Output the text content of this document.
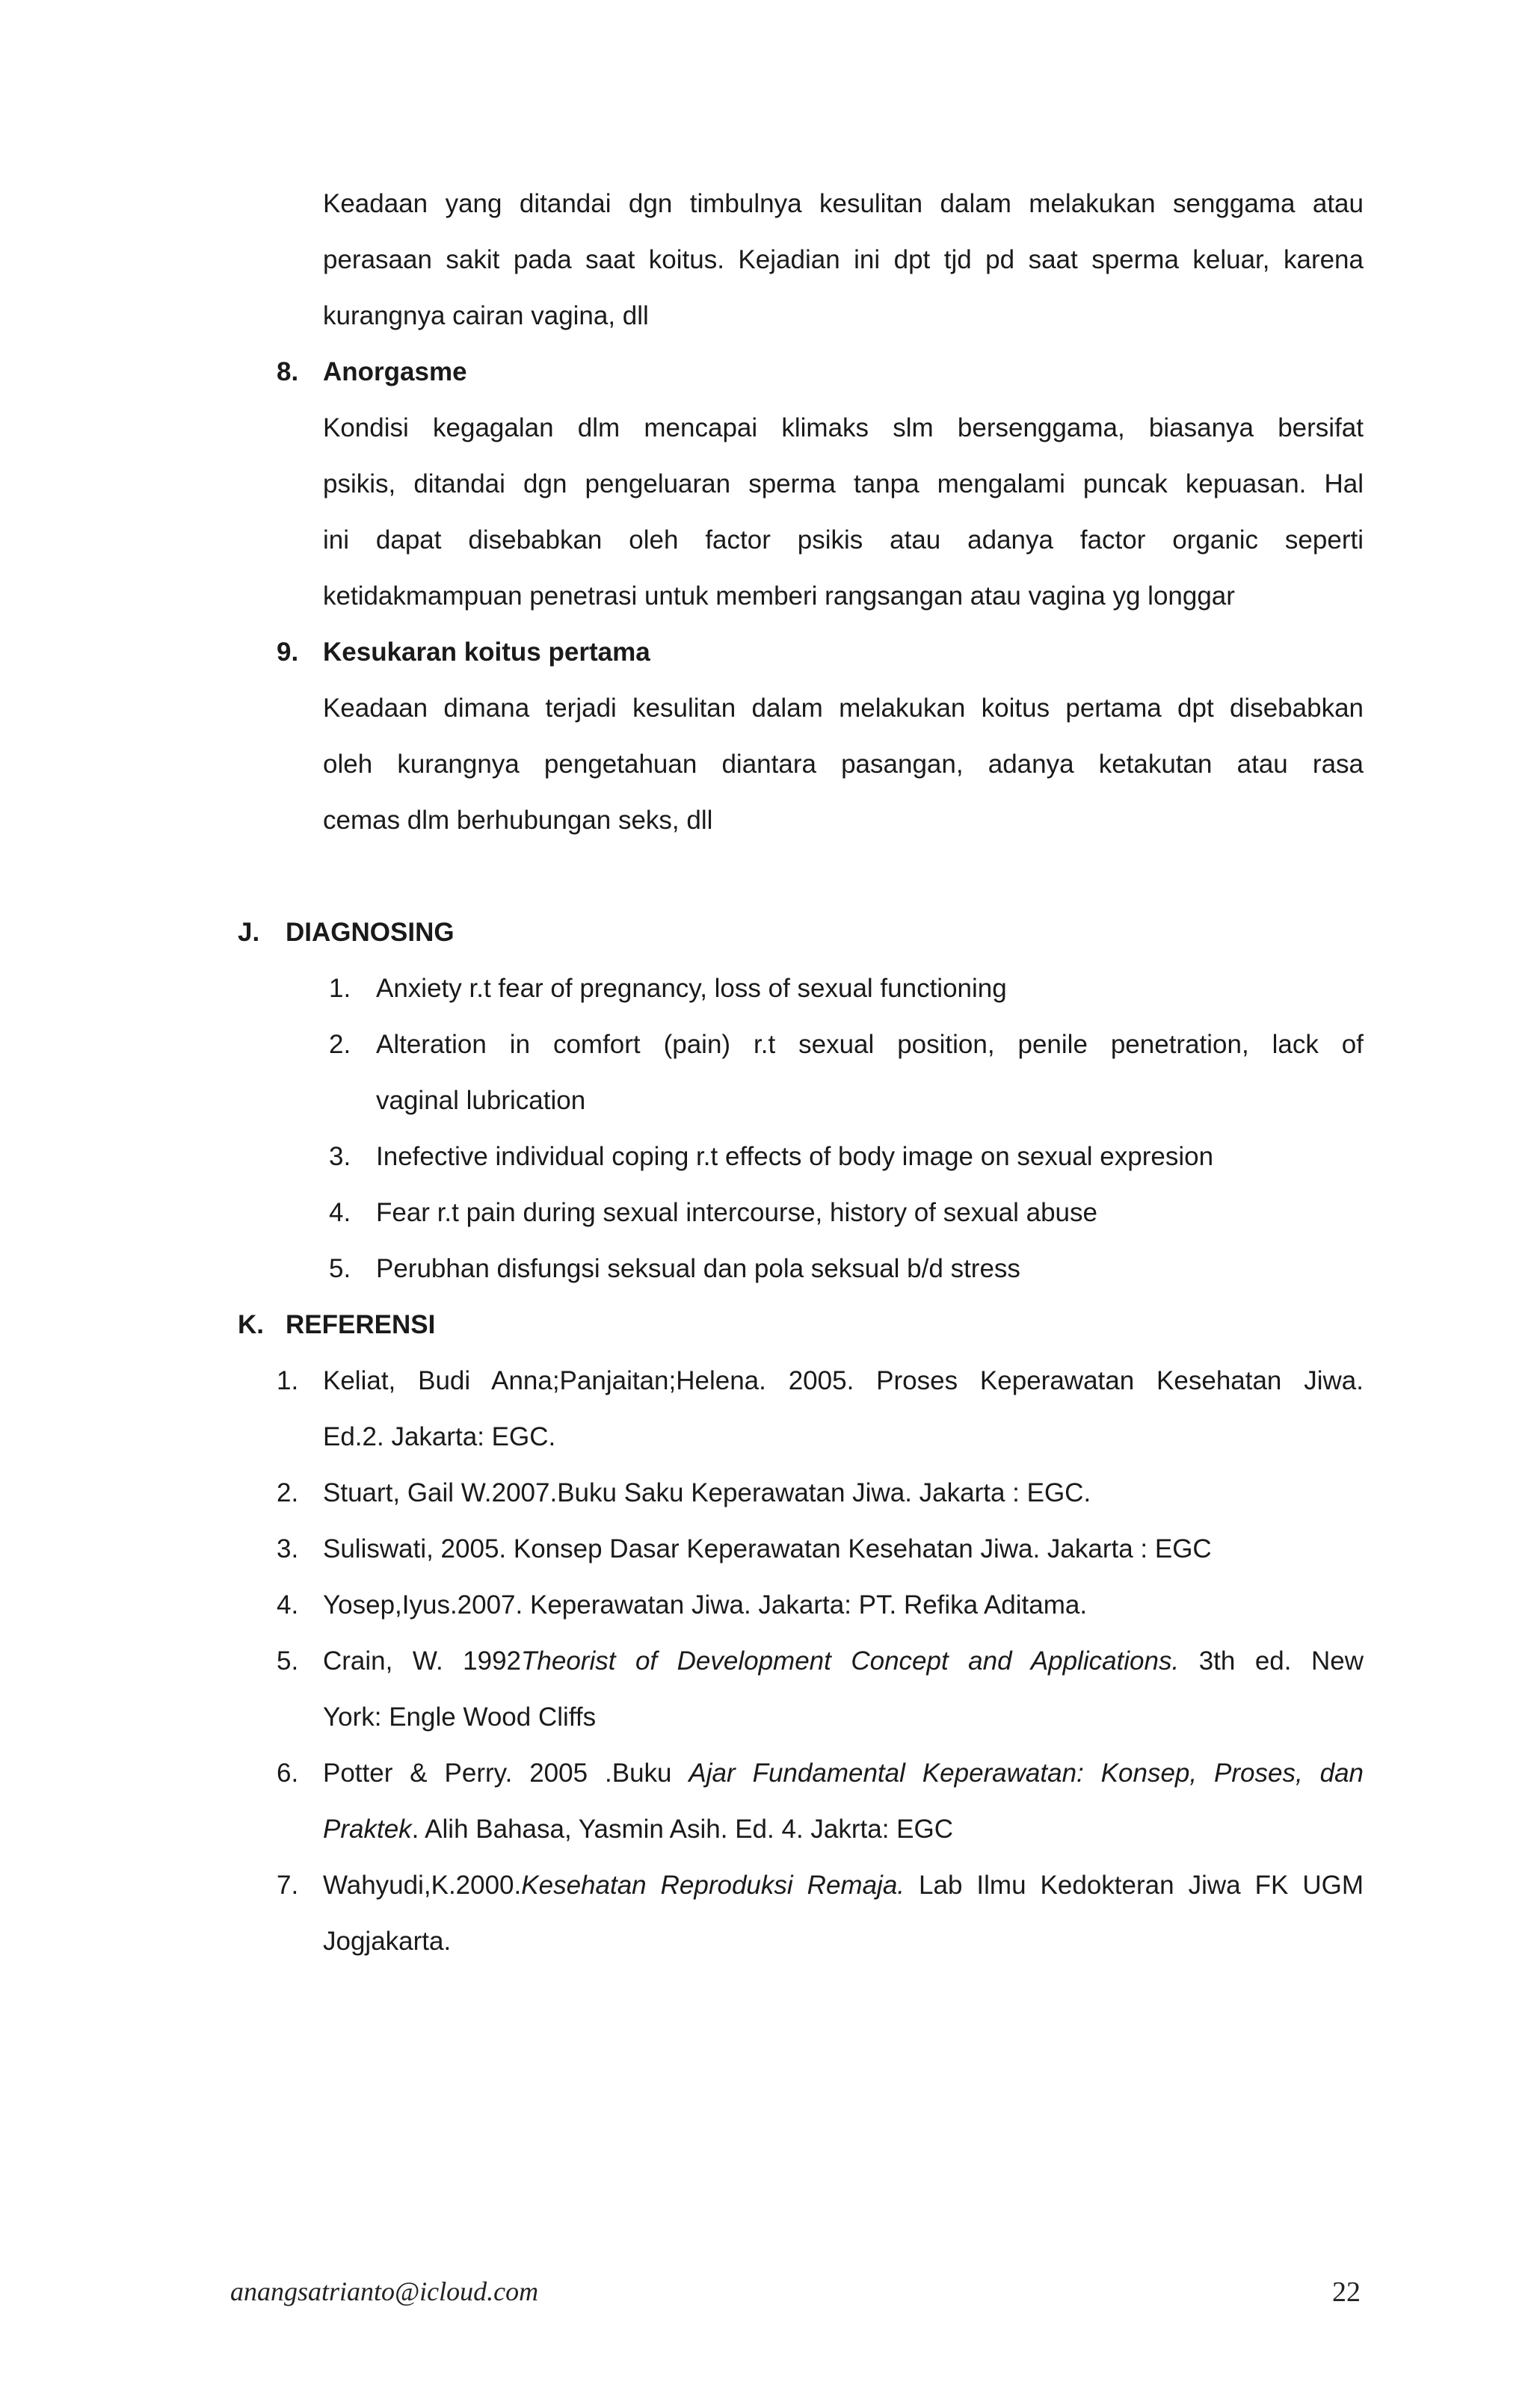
Keadaan yang ditandai dgn timbulnya kesulitan dalam melakukan senggama atau
perasaan sakit pada saat koitus. Kejadian ini dpt tjd pd saat sperma keluar, karena
kurangnya cairan vagina, dll
8. Anorgasme
Kondisi kegagalan dlm mencapai klimaks slm bersenggama, biasanya bersifat
psikis, ditandai dgn pengeluaran sperma tanpa mengalami puncak kepuasan. Hal
ini dapat disebabkan oleh factor psikis atau adanya factor organic seperti
ketidakmampuan penetrasi untuk memberi rangsangan atau vagina yg longgar
9. Kesukaran koitus pertama
Keadaan dimana terjadi kesulitan dalam melakukan koitus pertama dpt disebabkan
oleh kurangnya pengetahuan diantara pasangan, adanya ketakutan atau rasa
cemas dlm berhubungan seks, dll
J. DIAGNOSING
1. Anxiety r.t fear of pregnancy, loss of sexual functioning
2. Alteration in comfort (pain) r.t sexual position, penile penetration, lack of
vaginal lubrication
3. Inefective individual coping r.t effects of body image on sexual expresion
4. Fear r.t pain during sexual intercourse, history of sexual abuse
5. Perubhan disfungsi seksual dan pola seksual b/d stress
K. REFERENSI
1. Keliat, Budi Anna;Panjaitan;Helena. 2005. Proses Keperawatan Kesehatan Jiwa.
Ed.2. Jakarta: EGC.
2. Stuart, Gail W.2007.Buku Saku Keperawatan Jiwa. Jakarta : EGC.
3. Suliswati, 2005. Konsep Dasar Keperawatan Kesehatan Jiwa. Jakarta : EGC
4. Yosep,Iyus.2007. Keperawatan Jiwa. Jakarta: PT. Refika Aditama.
5. Crain, W. 1992Theorist of Development Concept and Applications. 3th ed. New
York: Engle Wood Cliffs
6. Potter & Perry. 2005 .Buku Ajar Fundamental Keperawatan: Konsep, Proses, dan
Praktek. Alih Bahasa, Yasmin Asih. Ed. 4. Jakrta: EGC
7. Wahyudi,K.2000.Kesehatan Reproduksi Remaja. Lab Ilmu Kedokteran Jiwa FK UGM
Jogjakarta.
anangsatrianto@icloud.com	22
